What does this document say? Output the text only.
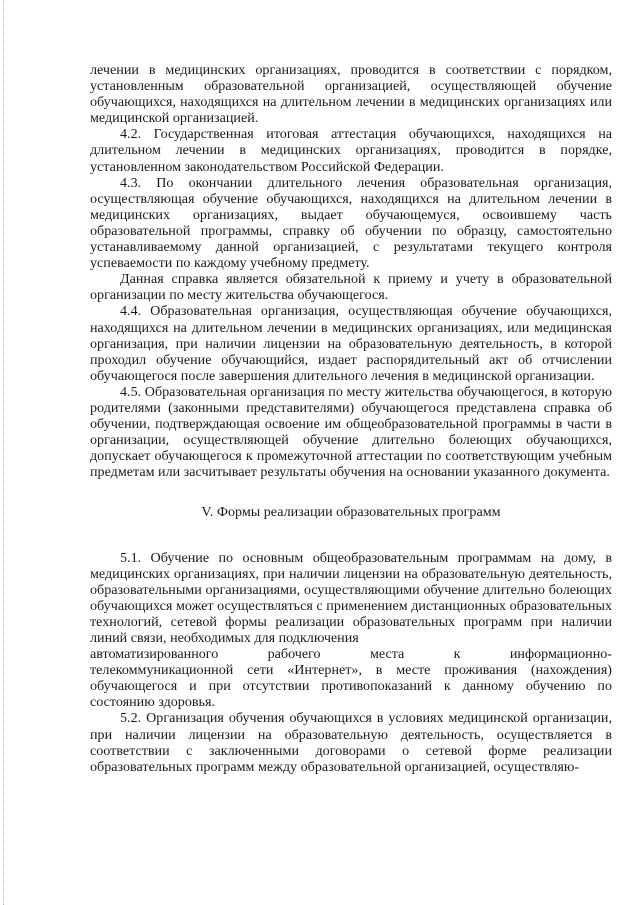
лечении в медицинских организациях, проводится в соответствии с порядком, установленным образовательной организацией, осуществляющей обучение обучающихся, находящихся на длительном лечении в медицинских организациях или медицинской организацией.

4.2. Государственная итоговая аттестация обучающихся, находящихся на длительном лечении в медицинских организациях, проводится в порядке, установленном законодательством Российской Федерации.

4.3. По окончании длительного лечения образовательная организация, осуществляющая обучение обучающихся, находящихся на длительном лечении в медицинских организациях, выдает обучающемуся, освоившему часть образовательной программы, справку об обучении по образцу, самостоятельно устанавливаемому данной организацией, с результатами текущего контроля успеваемости по каждому учебному предмету.

Данная справка является обязательной к приему и учету в образовательной организации по месту жительства обучающегося.

4.4. Образовательная организация, осуществляющая обучение обучающихся, находящихся на длительном лечении в медицинских организациях, или медицинская организация, при наличии лицензии на образовательную деятельность, в которой проходил обучение обучающийся, издает распорядительный акт об отчислении обучающегося после завершения длительного лечения в медицинской организации.

4.5. Образовательная организация по месту жительства обучающегося, в которую родителями (законными представителями) обучающегося представлена справка об обучении, подтверждающая освоение им общеобразовательной программы в части в организации, осуществляющей обучение длительно болеющих обучающихся, допускает обучающегося к промежуточной аттестации по соответствующим учебным предметам или засчитывает результаты обучения на основании указанного документа.

V. Формы реализации образовательных программ

5.1. Обучение по основным общеобразовательным программам на дому, в медицинских организациях, при наличии лицензии на образовательную деятельность, образовательными организациями, осуществляющими обучение длительно болеющих обучающихся может осуществляться с применением дистанционных образовательных технологий, сетевой формы реализации образовательных программ при наличии линий связи, необходимых для подключения

автоматизированного	рабочего	места	к	информационно-

телекоммуникационной сети «Интернет», в месте проживания (нахождения) обучающегося и при отсутствии противопоказаний к данному обучению по состоянию здоровья.

5.2. Организация обучения обучающихся в условиях медицинской организации, при наличии лицензии на образовательную деятельность, осуществляется в соответствии с заключенными договорами о сетевой форме реализации образовательных программ между образовательной организацией, осуществляю-
